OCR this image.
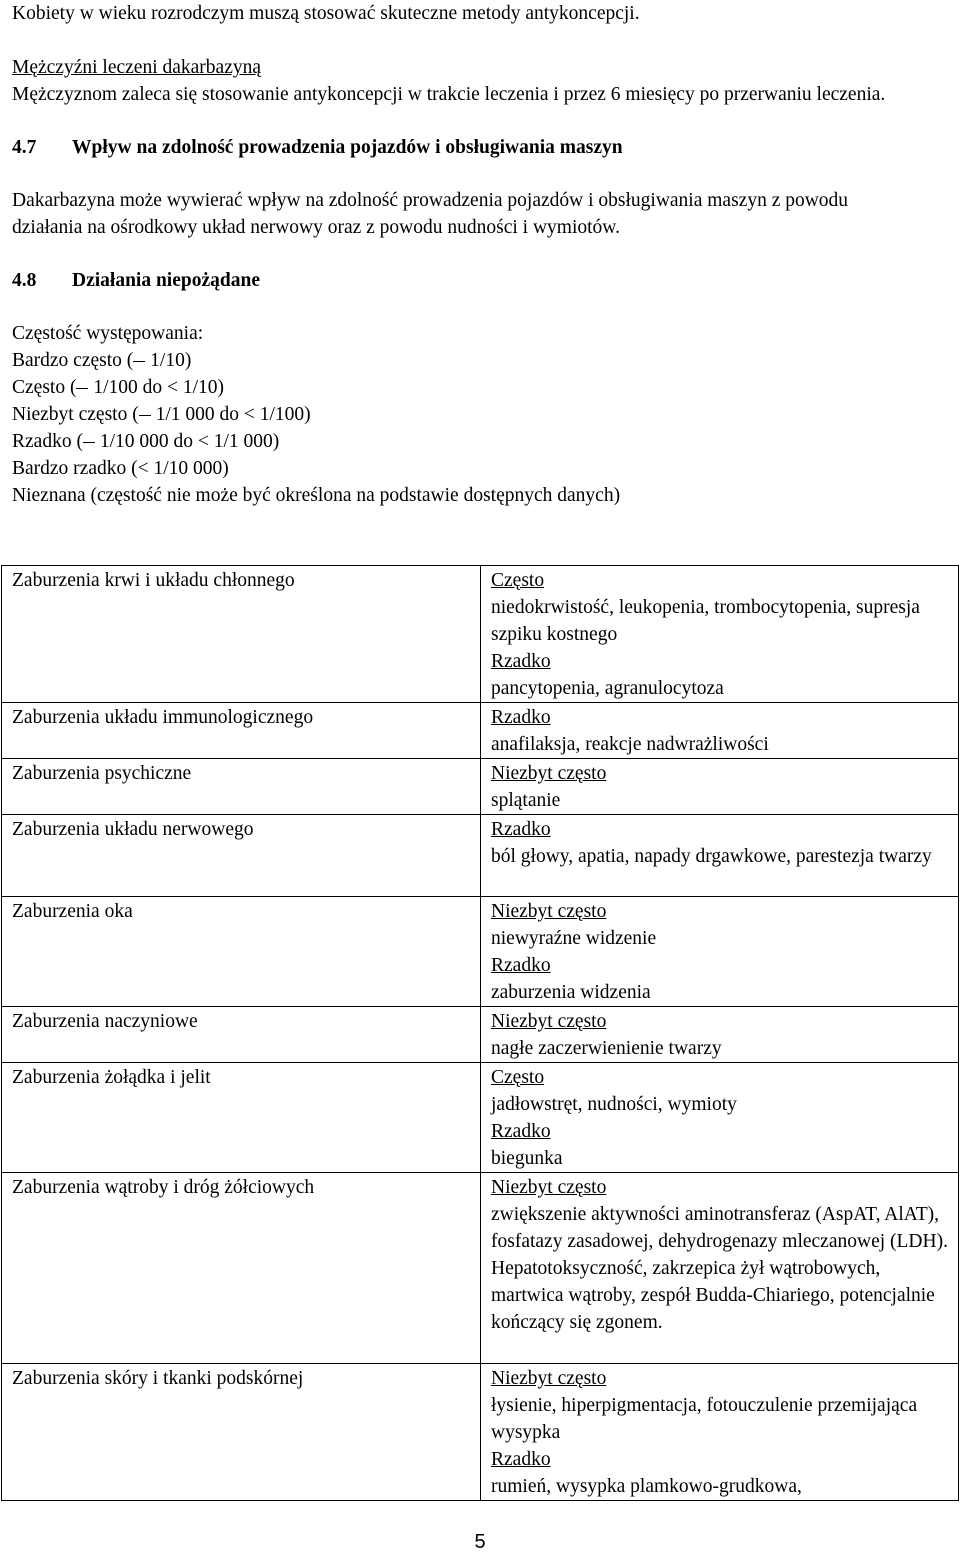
Kobiety w wieku rozrodczym muszą stosować skuteczne metody antykoncepcji.

Mężczyźni leczeni dakarbazyną

Mężczyznom zaleca się stosowanie antykoncepcji w trakcie leczenia i przez 6 miesięcy po przerwaniu leczenia.

4.7	Wpływ na zdolność prowadzenia pojazdów i obsługiwania maszyn

Dakarbazyna może wywierać wpływ na zdolność prowadzenia pojazdów i obsługiwania maszyn z powodu działania na ośrodkowy układ nerwowy oraz z powodu nudności i wymiotów.

4.8	Działania niepożądane

Częstość występowania:

Bardzo często ( 1/10)

Często ( 1/100 do < 1/10)

Niezbyt często ( 1/1 000 do < 1/100)

Rzadko ( 1/10 000 do < 1/1 000)

Bardzo rzadko (< 1/10 000)

Nieznana (częstość nie może być określona na podstawie dostępnych danych)

Zaburzenia krwi i układu chłonnego	Często
niedokrwistość, leukopenia, trombocytopenia, supresja szpiku kostnego
Rzadko
pancytopenia, agranulocytoza

Zaburzenia układu immunologicznego	Rzadko
anafilaksja, reakcje nadwrażliwości

Zaburzenia psychiczne	Niezbyt często
splątanie

Zaburzenia układu nerwowego	Rzadko
ból głowy, apatia, napady drgawkowe, parestezja twarzy

Zaburzenia oka	Niezbyt często
niewyraźne widzenie
Rzadko
zaburzenia widzenia

Zaburzenia naczyniowe	Niezbyt często
nagłe zaczerwienienie twarzy

Zaburzenia żołądka i jelit	Często
jadłowstręt, nudności, wymioty
Rzadko
biegunka

Zaburzenia wątroby i dróg żółciowych	Niezbyt często
zwiększenie aktywności aminotransferaz (AspAT, AlAT), fosfatazy zasadowej, dehydrogenazy mleczanowej (LDH). Hepatotoksyczność, zakrzepica żył wątrobowych, martwica wątroby, zespół Budda-Chiariego, potencjalnie kończący się zgonem.

Zaburzenia skóry i tkanki podskórnej	Niezbyt często
łysienie, hiperpigmentacja, fotouczulenie przemijająca wysypka
Rzadko
rumień, wysypka plamkowo-grudkowa,
5
